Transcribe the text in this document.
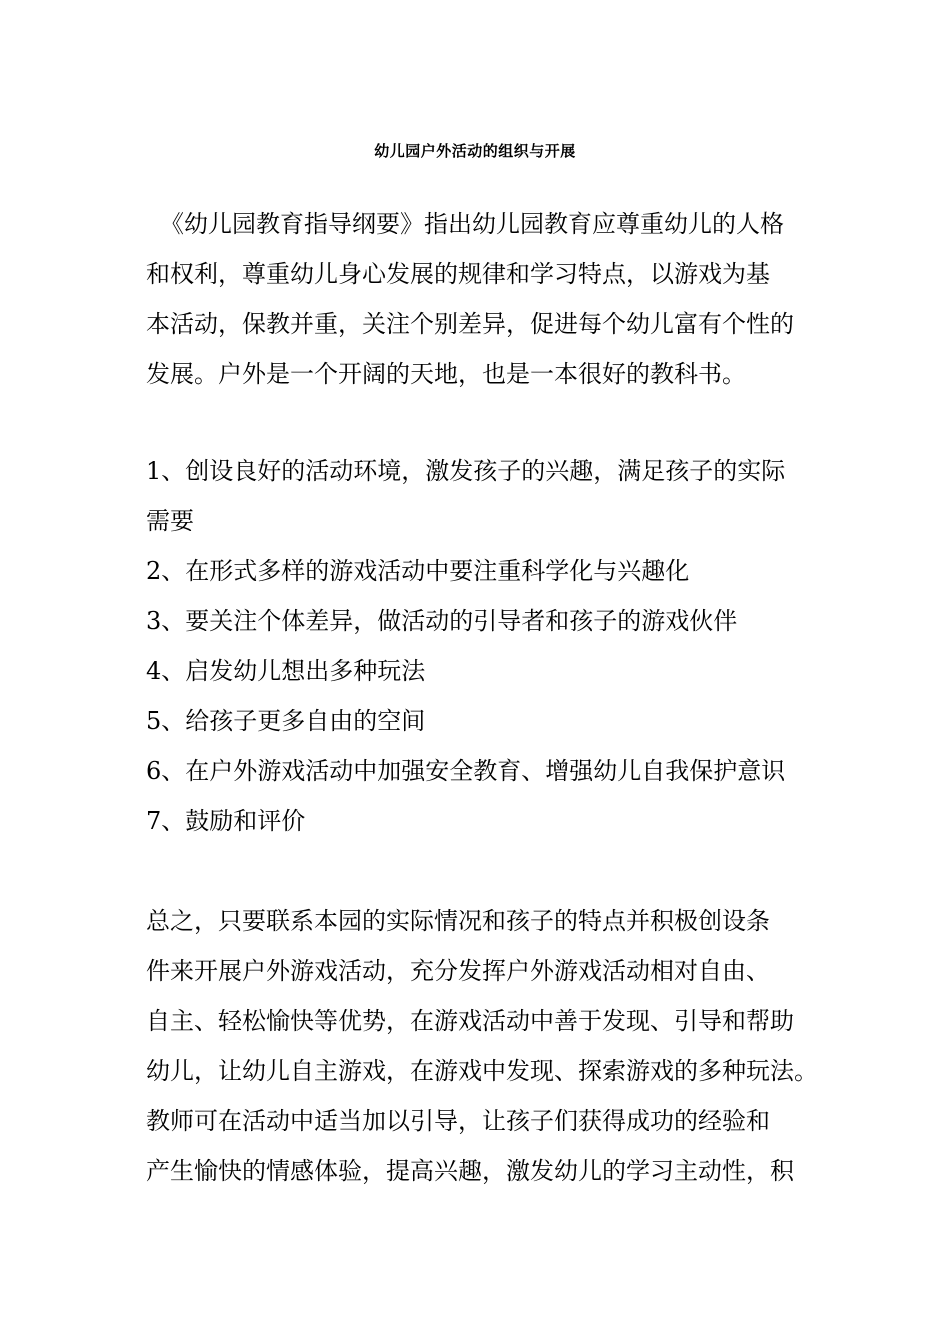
幼儿园户外活动的组织与开展
《幼儿园教育指导纲要》指出幼儿园教育应尊重幼儿的人格
和权利，尊重幼儿身心发展的规律和学习特点，以游戏为基
本活动，保教并重，关注个别差异，促进每个幼儿富有个性的
发展。户外是一个开阔的天地，也是一本很好的教科书。
1、创设良好的活动环境，激发孩子的兴趣，满足孩子的实际
需要
2、在形式多样的游戏活动中要注重科学化与兴趣化
3、要关注个体差异，做活动的引导者和孩子的游戏伙伴
4、启发幼儿想出多种玩法
5、给孩子更多自由的空间
6、在户外游戏活动中加强安全教育、增强幼儿自我保护意识
7、鼓励和评价
总之，只要联系本园的实际情况和孩子的特点并积极创设条
件来开展户外游戏活动，充分发挥户外游戏活动相对自由、
自主、轻松愉快等优势，在游戏活动中善于发现、引导和帮助
幼儿，让幼儿自主游戏，在游戏中发现、探索游戏的多种玩法。
教师可在活动中适当加以引导，让孩子们获得成功的经验和
产生愉快的情感体验，提高兴趣，激发幼儿的学习主动性，积
